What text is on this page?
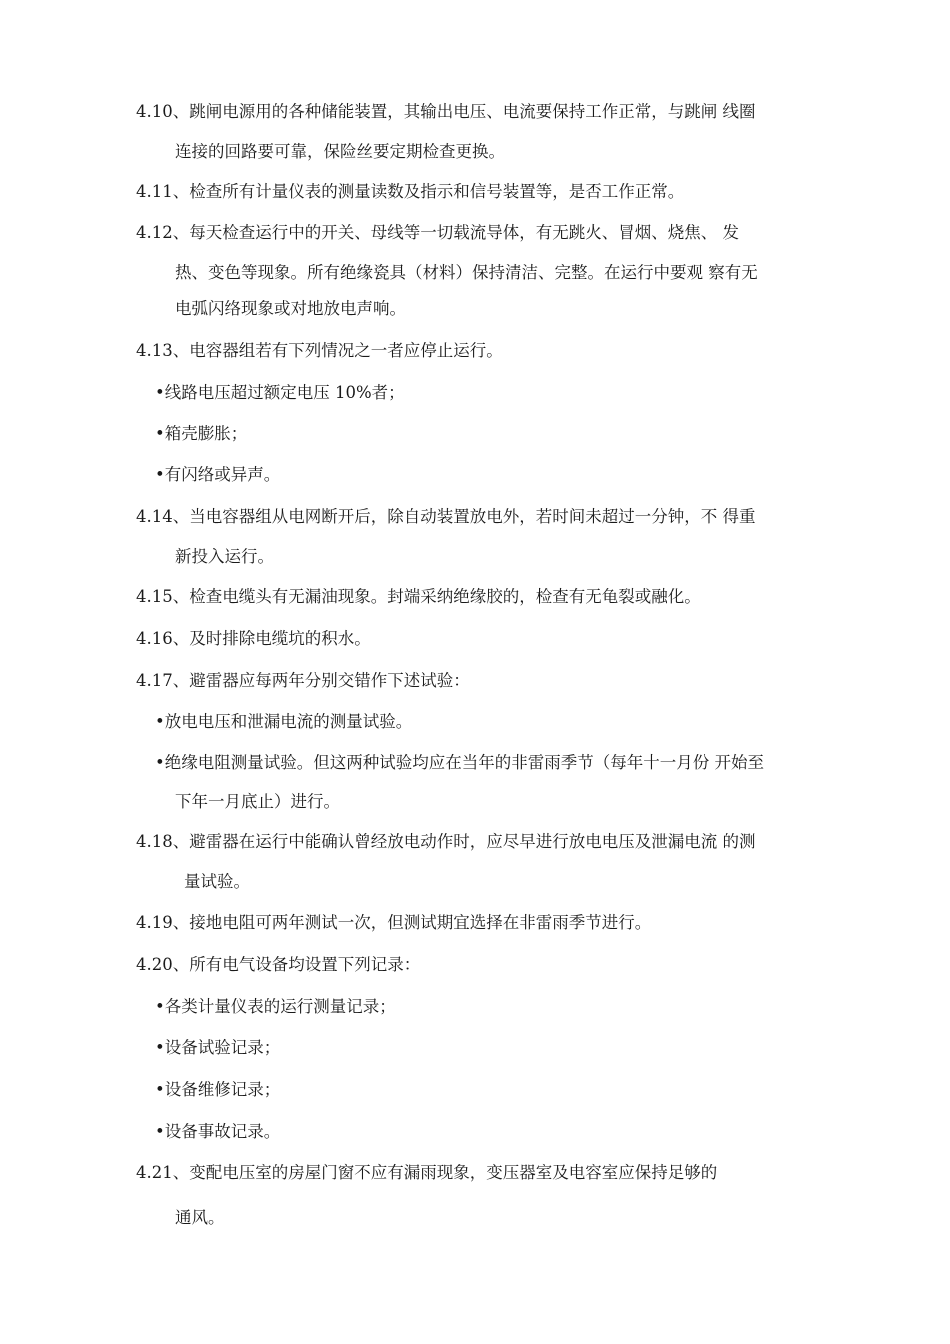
4.10、跳闸电源用的各种储能装置，其输出电压、电流要保持工作正常，与跳闸 线圈
连接的回路要可靠，保险丝要定期检查更换。
4.11、检查所有计量仪表的测量读数及指示和信号装置等，是否工作正常。
4.12、每天检查运行中的开关、母线等一切载流导体，有无跳火、冒烟、烧焦、 发
热、变色等现象。所有绝缘瓷具（材料）保持清洁、完整。在运行中要观 察有无
电弧闪络现象或对地放电声响。
4.13、电容器组若有下列情况之一者应停止运行。
•线路电压超过额定电压 10%者；
•箱壳膨胀；
•有闪络或异声。
4.14、当电容器组从电网断开后，除自动装置放电外，若时间未超过一分钟，不 得重
新投入运行。
4.15、检查电缆头有无漏油现象。封端采纳绝缘胶的，检查有无龟裂或融化。
4.16、及时排除电缆坑的积水。
4.17、避雷器应每两年分别交错作下述试验：
•放电电压和泄漏电流的测量试验。
•绝缘电阻测量试验。但这两种试验均应在当年的非雷雨季节（每年十一月份 开始至
下年一月底止）进行。
4.18、避雷器在运行中能确认曾经放电动作时，应尽早进行放电电压及泄漏电流 的测
量试验。
4.19、接地电阻可两年测试一次，但测试期宜选择在非雷雨季节进行。
4.20、所有电气设备均设置下列记录：
•各类计量仪表的运行测量记录；
•设备试验记录；
•设备维修记录；
•设备事故记录。
4.21、变配电压室的房屋门窗不应有漏雨现象，变压器室及电容室应保持足够的
通风。
